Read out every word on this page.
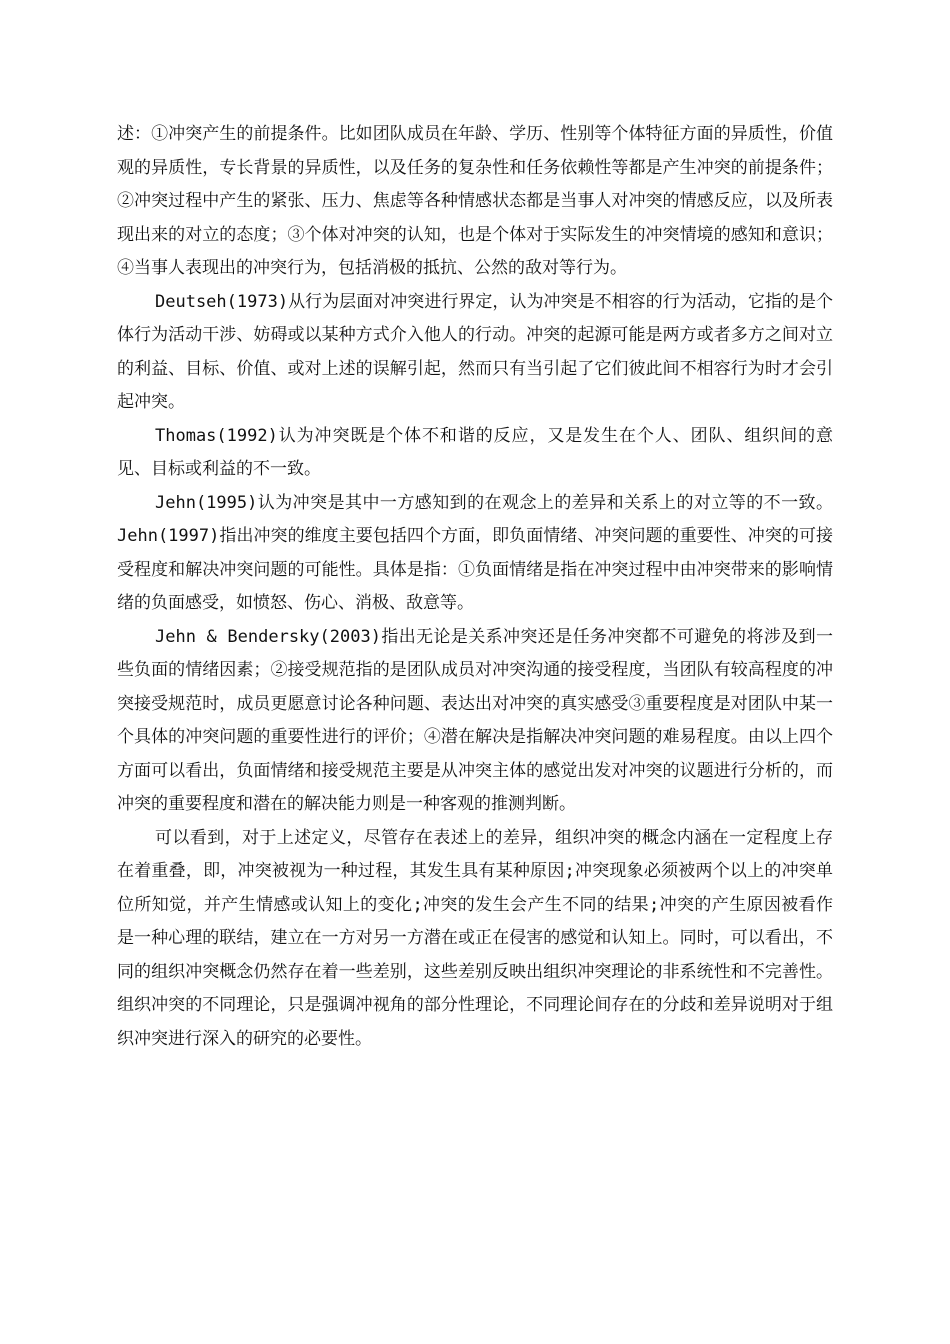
述：①冲突产生的前提条件。比如团队成员在年龄、学历、性别等个体特征方面的异质性，价值观的异质性，专长背景的异质性，以及任务的复杂性和任务依赖性等都是产生冲突的前提条件；②冲突过程中产生的紧张、压力、焦虑等各种情感状态都是当事人对冲突的情感反应，以及所表现出来的对立的态度；③个体对冲突的认知，也是个体对于实际发生的冲突情境的感知和意识；④当事人表现出的冲突行为，包括消极的抵抗、公然的敌对等行为。

Deutseh(1973)从行为层面对冲突进行界定，认为冲突是不相容的行为活动，它指的是个体行为活动干涉、妨碍或以某种方式介入他人的行动。冲突的起源可能是两方或者多方之间对立的利益、目标、价值、或对上述的误解引起，然而只有当引起了它们彼此间不相容行为时才会引起冲突。

Thomas(1992)认为冲突既是个体不和谐的反应，又是发生在个人、团队、组织间的意见、目标或利益的不一致。

Jehn(1995)认为冲突是其中一方感知到的在观念上的差异和关系上的对立等的不一致。Jehn(1997)指出冲突的维度主要包括四个方面，即负面情绪、冲突问题的重要性、冲突的可接受程度和解决冲突问题的可能性。具体是指：①负面情绪是指在冲突过程中由冲突带来的影响情绪的负面感受，如愤怒、伤心、消极、敌意等。

Jehn & Bendersky(2003)指出无论是关系冲突还是任务冲突都不可避免的将涉及到一些负面的情绪因素；②接受规范指的是团队成员对冲突沟通的接受程度，当团队有较高程度的冲突接受规范时，成员更愿意讨论各种问题、表达出对冲突的真实感受③重要程度是对团队中某一个具体的冲突问题的重要性进行的评价；④潜在解决是指解决冲突问题的难易程度。由以上四个方面可以看出，负面情绪和接受规范主要是从冲突主体的感觉出发对冲突的议题进行分析的，而冲突的重要程度和潜在的解决能力则是一种客观的推测判断。

可以看到，对于上述定义，尽管存在表述上的差异，组织冲突的概念内涵在一定程度上存在着重叠，即，冲突被视为一种过程，其发生具有某种原因;冲突现象必须被两个以上的冲突单位所知觉，并产生情感或认知上的变化;冲突的发生会产生不同的结果;冲突的产生原因被看作是一种心理的联结，建立在一方对另一方潜在或正在侵害的感觉和认知上。同时，可以看出，不同的组织冲突概念仍然存在着一些差别，这些差别反映出组织冲突理论的非系统性和不完善性。组织冲突的不同理论，只是强调冲视角的部分性理论，不同理论间存在的分歧和差异说明对于组织冲突进行深入的研究的必要性。
